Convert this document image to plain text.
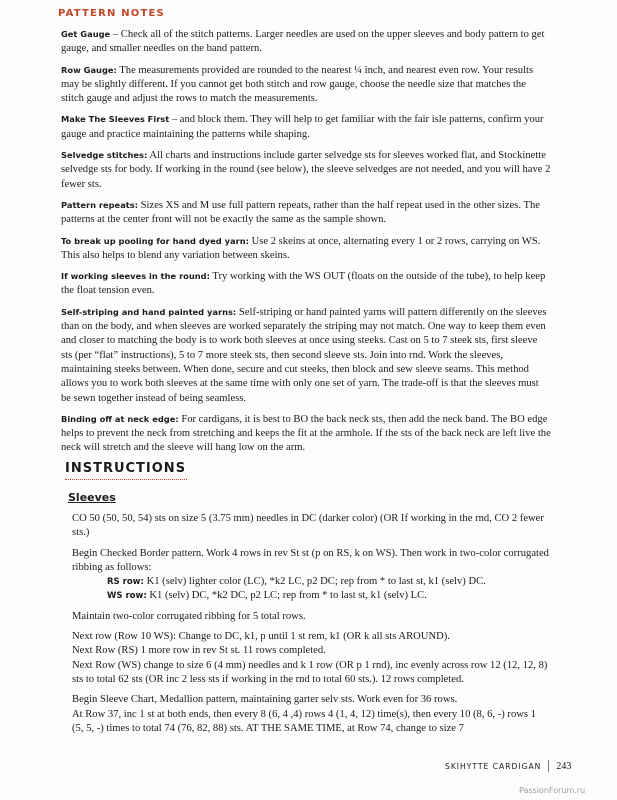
PATTERN NOTES

Get Gauge – Check all of the stitch patterns. Larger needles are used on the upper sleeves and body pattern to get gauge, and smaller needles on the band pattern.

Row Gauge: The measurements provided are rounded to the nearest ¼ inch, and nearest even row. Your results may be slightly different. If you cannot get both stitch and row gauge, choose the needle size that matches the stitch gauge and adjust the rows to match the measurements.

Make The Sleeves First – and block them. They will help to get familiar with the fair isle patterns, confirm your gauge and practice maintaining the patterns while shaping.

Selvedge stitches: All charts and instructions include garter selvedge sts for sleeves worked flat, and Stockinette selvedge sts for body. If working in the round (see below), the sleeve selvedges are not needed, and you will have 2 fewer sts.

Pattern repeats: Sizes XS and M use full pattern repeats, rather than the half repeat used in the other sizes. The patterns at the center front will not be exactly the same as the sample shown.

To break up pooling for hand dyed yarn: Use 2 skeins at once, alternating every 1 or 2 rows, carrying on WS. This also helps to blend any variation between skeins.

If working sleeves in the round: Try working with the WS OUT (floats on the outside of the tube), to help keep the float tension even.

Self-striping and hand painted yarns: Self-striping or hand painted yarns will pattern differently on the sleeves than on the body, and when sleeves are worked separately the striping may not match. One way to keep them even and closer to matching the body is to work both sleeves at once using steeks. Cast on 5 to 7 steek sts, first sleeve sts (per “flat” instructions), 5 to 7 more steek sts, then second sleeve sts. Join into rnd. Work the sleeves, maintaining steeks between. When done, secure and cut steeks, then block and sew sleeve seams. This method allows you to work both sleeves at the same time with only one set of yarn. The trade-off is that the sleeves must be sewn together instead of being seamless.

Binding off at neck edge: For cardigans, it is best to BO the back neck sts, then add the neck band. The BO edge helps to prevent the neck from stretching and keeps the fit at the armhole. If the sts of the back neck are left live the neck will stretch and the sleeve will hang low on the arm.

INSTRUCTIONS
Sleeves

CO 50 (50, 50, 54) sts on size 5 (3.75 mm) needles in DC (darker color) (OR If working in the rnd, CO 2 fewer sts.)

Begin Checked Border pattern. Work 4 rows in rev St st (p on RS, k on WS). Then work in two-color corrugated ribbing as follows:

RS row: K1 (selv) lighter color (LC), *k2 LC, p2 DC; rep from * to last st, k1 (selv) DC.

WS row: K1 (selv) DC, *k2 DC, p2 LC; rep from * to last st, k1 (selv) LC.

Maintain two-color corrugated ribbing for 5 total rows.

Next row (Row 10 WS): Change to DC, k1, p until 1 st rem, k1 (OR k all sts AROUND).

Next Row (RS) 1 more row in rev St st. 11 rows completed.

Next Row (WS) change to size 6 (4 mm) needles and k 1 row (OR p 1 rnd), inc evenly across row 12 (12, 12, 8) sts to total 62 sts (OR inc 2 less sts if working in the rnd to total 60 sts.). 12 rows completed.

Begin Sleeve Chart, Medallion pattern, maintaining garter selv sts. Work even for 36 rows.

At Row 37, inc 1 st at both ends, then every 8 (6, 4 ,4) rows 4 (1, 4, 12) time(s), then every 10 (8, 6, -) rows 1 (5, 5, -) times to total 74 (76, 82, 88) sts. AT THE SAME TIME, at Row 74, change to size 7

SKIHYTTE CARDIGAN 243
PassionForum.ru
